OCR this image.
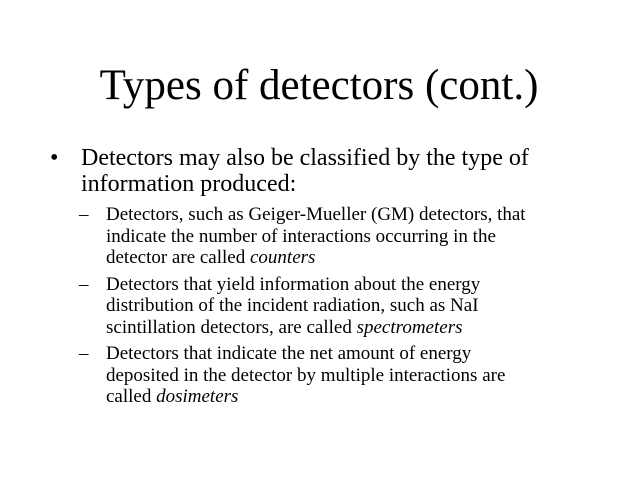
Types of detectors (cont.)
• Detectors may also be classified by the type of
information produced:
– Detectors, such as Geiger-Mueller (GM) detectors, that
indicate the number of interactions occurring in the
detector are called counters
– Detectors that yield information about the energy
distribution of the incident radiation, such as NaI
scintillation detectors, are called spectrometers
– Detectors that indicate the net amount of energy
deposited in the detector by multiple interactions are
called dosimeters
